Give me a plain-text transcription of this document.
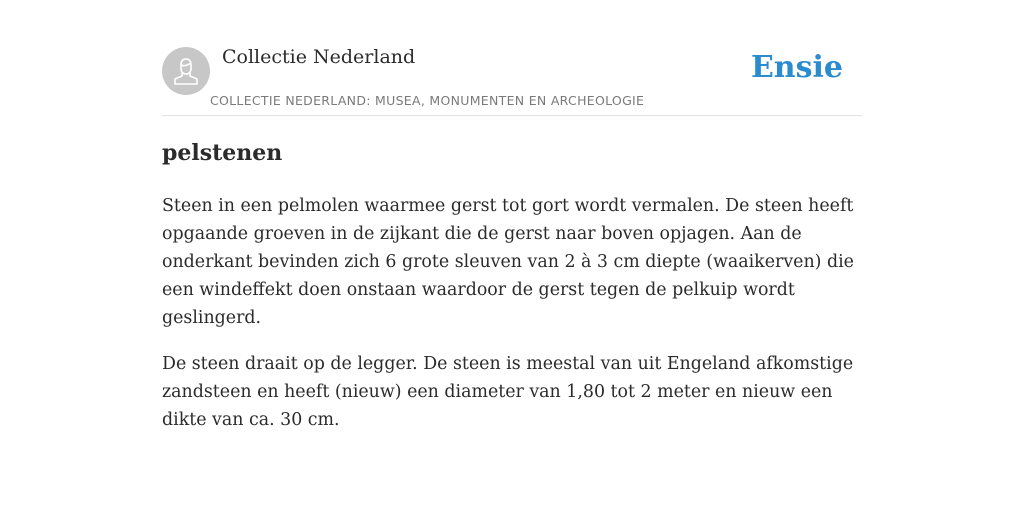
Collectie Nederland
COLLECTIE NEDERLAND: MUSEA, MONUMENTEN EN ARCHEOLOGIE
Ensie
pelstenen

Steen in een pelmolen waarmee gerst tot gort wordt vermalen. De steen heeft opgaande groeven in de zijkant die de gerst naar boven opjagen. Aan de onderkant bevinden zich 6 grote sleuven van 2 à 3 cm diepte (waaikerven) die een windeffekt doen onstaan waardoor de gerst tegen de pelkuip wordt geslingerd.

De steen draait op de legger. De steen is meestal van uit Engeland afkomstige zandsteen en heeft (nieuw) een diameter van 1,80 tot 2 meter en nieuw een dikte van ca. 30 cm.
